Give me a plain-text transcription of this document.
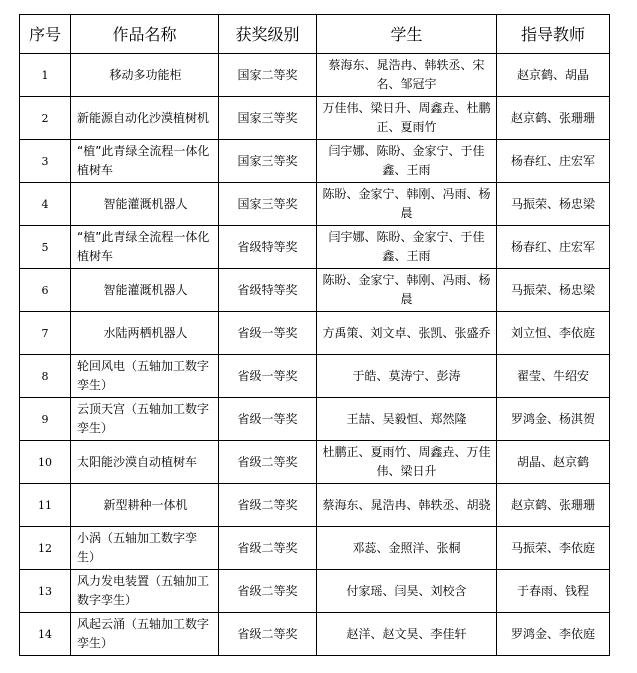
序号	作品名称	获奖级别	学生	指导教师
1	移动多功能柜	国家二等奖	蔡海东、晁浩冉、韩轶丞、宋名、邹冠宇	赵京鹤、胡晶
2	新能源自动化沙漠植树机	国家三等奖	万佳伟、梁日升、周鑫垚、杜鹏正、夏雨竹	赵京鹤、张珊珊
3	“植”此青绿全流程一体化植树车	国家三等奖	闫宇娜、陈盼、金家宁、于佳鑫、王雨	杨春红、庄宏军
4	智能灌溉机器人	国家三等奖	陈盼、金家宁、韩刚、冯雨、杨晨	马振荣、杨忠梁
5	“植”此青绿全流程一体化植树车	省级特等奖	闫宇娜、陈盼、金家宁、于佳鑫、王雨	杨春红、庄宏军
6	智能灌溉机器人	省级特等奖	陈盼、金家宁、韩刚、冯雨、杨晨	马振荣、杨忠梁
7	水陆两栖机器人	省级一等奖	方禹策、刘文卓、张凯、张盛乔	刘立恒、李依庭
8	轮回风电（五轴加工数字孪生）	省级一等奖	于皓、莫涛宁、彭涛	翟莹、牛绍安
9	云顶天宫（五轴加工数字孪生）	省级一等奖	王喆、吴毅恒、郑然隆	罗鸿金、杨淇贺
10	太阳能沙漠自动植树车	省级二等奖	杜鹏正、夏雨竹、周鑫垚、万佳伟、梁日升	胡晶、赵京鹤
11	新型耕种一体机	省级二等奖	蔡海东、晁浩冉、韩轶丞、胡骁	赵京鹤、张珊珊
12	小涡（五轴加工数字孪生）	省级二等奖	邓蕊、金照洋、张桐	马振荣、李依庭
13	风力发电装置（五轴加工数字孪生）	省级二等奖	付家瑶、闫昊、刘校含	于春雨、钱程
14	风起云涌（五轴加工数字孪生）	省级二等奖	赵洋、赵文昊、李佳轩	罗鸿金、李依庭
